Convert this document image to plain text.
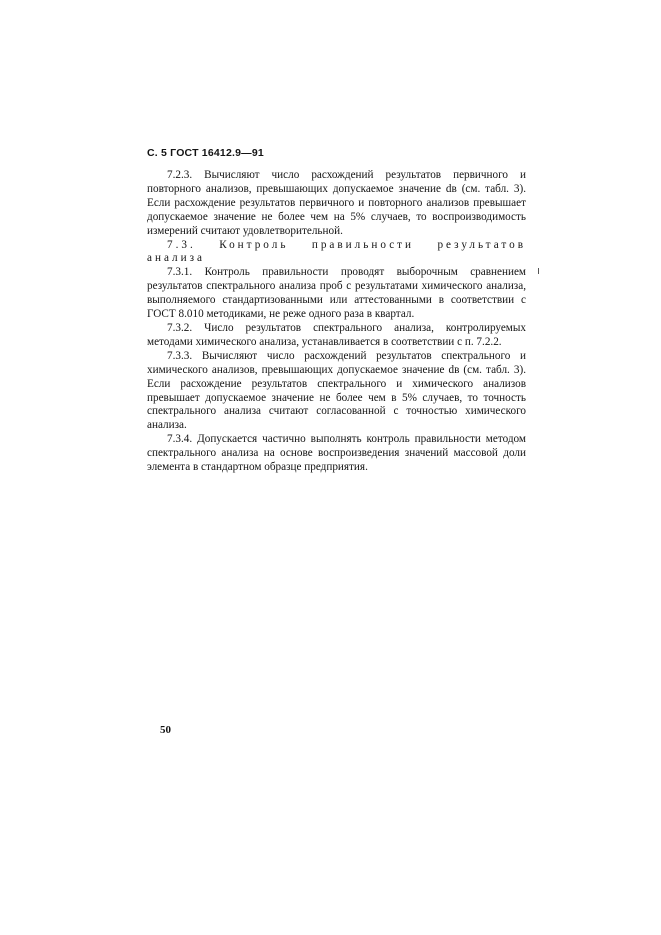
С. 5 ГОСТ 16412.9—91

7.2.3. Вычисляют число расхождений результатов первичного и повторного анализов, превышающих допускаемое значение dв (см. табл. 3). Если расхождение результатов первичного и повторного анализов превышает допускаемое значение не более чем на 5% случаев, то воспроизводимость измерений считают удовлетворительной.

7.3. Контроль правильности результатов анализа

7.3.1. Контроль правильности проводят выборочным сравнением результатов спектрального анализа проб с результатами химического анализа, выполняемого стандартизованными или аттестованными в соответствии с ГОСТ 8.010 методиками, не реже одного раза в квартал.

7.3.2. Число результатов спектрального анализа, контролируемых методами химического анализа, устанавливается в соответствии с п. 7.2.2.

7.3.3. Вычисляют число расхождений результатов спектрального и химического анализов, превышающих допускаемое значение dв (см. табл. 3). Если расхождение результатов спектрального и химического анализов превышает допускаемое значение не более чем в 5% случаев, то точность спектрального анализа считают согласованной с точностью химического анализа.

7.3.4. Допускается частично выполнять контроль правильности методом спектрального анализа на основе воспроизведения значений массовой доли элемента в стандартном образце предприятия.

50
